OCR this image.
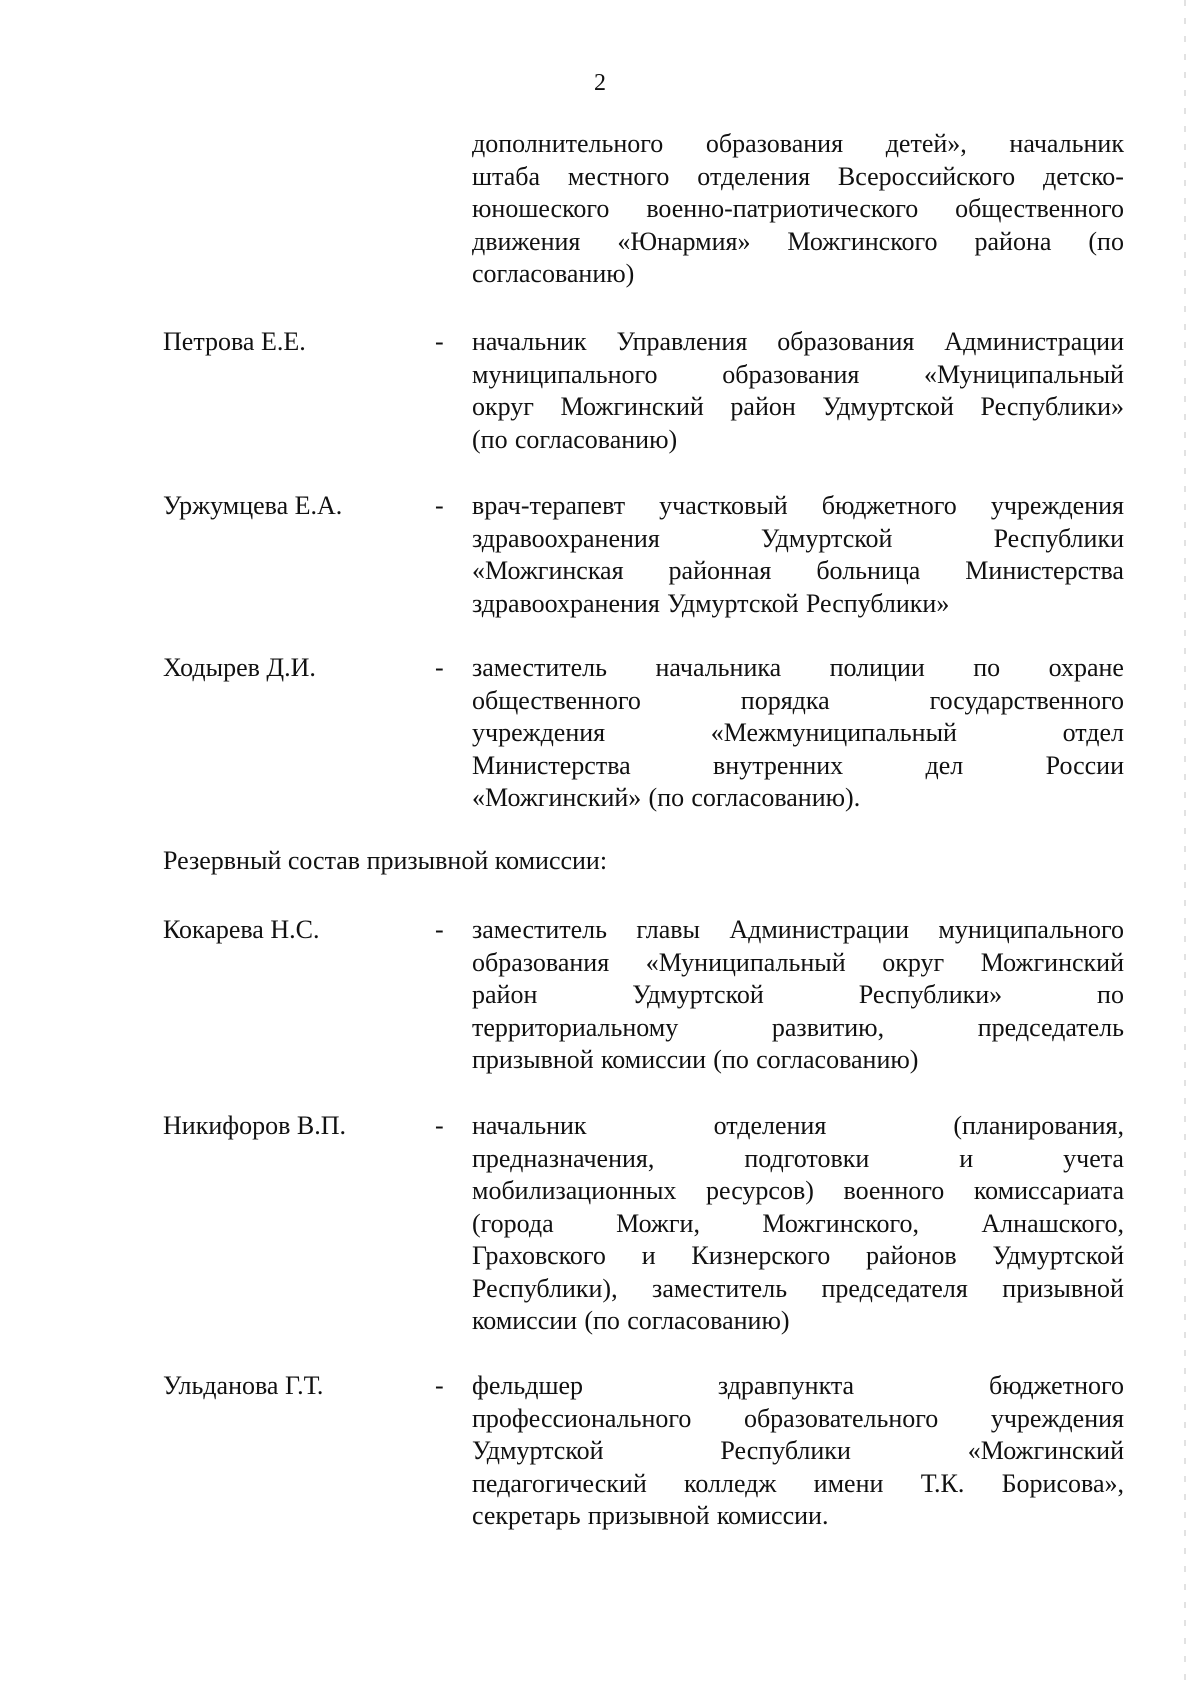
2
дополнительного образования детей», начальник
штаба местного отделения Всероссийского детско-
юношеского военно-патриотического общественного
движения «Юнармия» Можгинского района (по
согласованию)
Петрова Е.Е.	- начальник Управления образования Администрации
муниципального образования «Муниципальный
округ Можгинский район Удмуртской Республики»
(по согласованию)
Уржумцева Е.А.	- врач-терапевт участковый бюджетного учреждения
здравоохранения	Удмуртской	Республики
«Можгинская районная больница Министерства
здравоохранения Удмуртской Республики»
Ходырев Д.И.	- заместитель начальника полиции по охране
общественного	порядка	государственного
учреждения	«Межмуниципальный	отдел
Министерства	внутренних	дел	России
«Можгинский» (по согласованию).
Резервный состав призывной комиссии:
Кокарева Н.С.	- заместитель главы Администрации муниципального
образования «Муниципальный округ Можгинский
район	Удмуртской	Республики»	по
территориальному	развитию,	председатель
призывной комиссии (по согласованию)
Никифоров В.П.	- начальник	отделения	(планирования,
предназначения,	подготовки	и	учета
мобилизационных ресурсов) военного комиссариата
(города Можги, Можгинского, Алнашского,
Граховского и Кизнерского районов Удмуртской
Республики), заместитель председателя призывной
комиссии (по согласованию)
Ульданова Г.Т.	- фельдшер	здравпункта	бюджетного
профессионального образовательного учреждения
Удмуртской	Республики	«Можгинский
педагогический колледж имени Т.К. Борисова»,
секретарь призывной комиссии.
